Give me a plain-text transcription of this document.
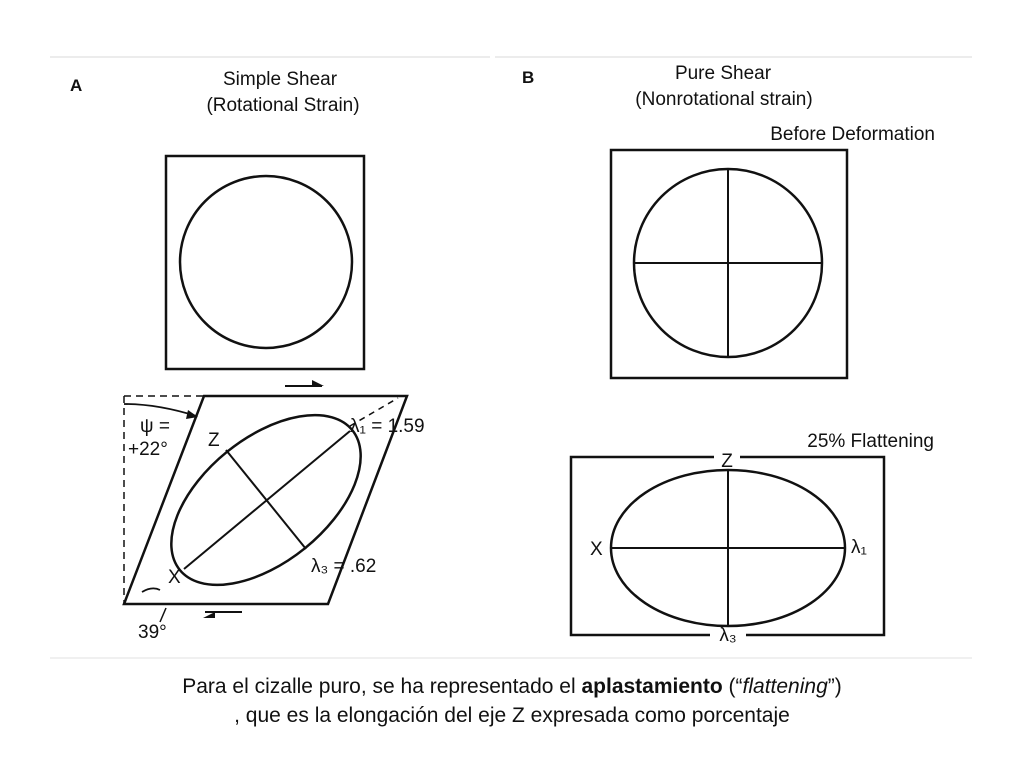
A	Simple Shear
(Rotational Strain)
ψ =
+22° Z
X
λ₁ = 1.59
λ₃ = .62
39°
B	Pure Shear
(Nonrotational strain)
Before Deformation
25% Flattening
Z
X	λ₁
λ₃
Para el cizalle puro, se ha representado el aplastamiento (“flattening”)
, que es la elongación del eje Z expresada como porcentaje
